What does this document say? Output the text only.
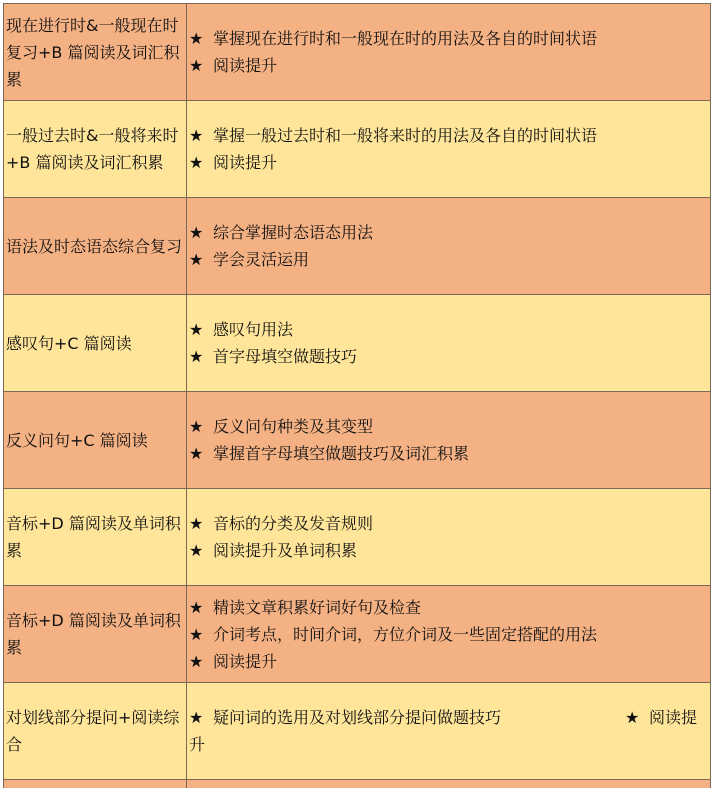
现在进行时&一般现在时复习+B 篇阅读及词汇积累	★ 掌握现在进行时和一般现在时的用法及各自的时间状语
★ 阅读提升

一般过去时&一般将来时+B 篇阅读及词汇积累	★ 掌握一般过去时和一般将来时的用法及各自的时间状语
★ 阅读提升

语法及时态语态综合复习	★ 综合掌握时态语态用法
★ 学会灵活运用

感叹句+C 篇阅读	★ 感叹句用法
★ 首字母填空做题技巧

反义问句+C 篇阅读	★ 反义问句种类及其变型
★ 掌握首字母填空做题技巧及词汇积累

音标+D 篇阅读及单词积累	★ 音标的分类及发音规则
★ 阅读提升及单词积累

音标+D 篇阅读及单词积累	★ 精读文章积累好词好句及检查
★ 介词考点，时间介词，方位介词及一些固定搭配的用法
★ 阅读提升

对划线部分提问+阅读综合	★ 疑问词的选用及对划线部分提问做题技巧 ★ 阅读提升
